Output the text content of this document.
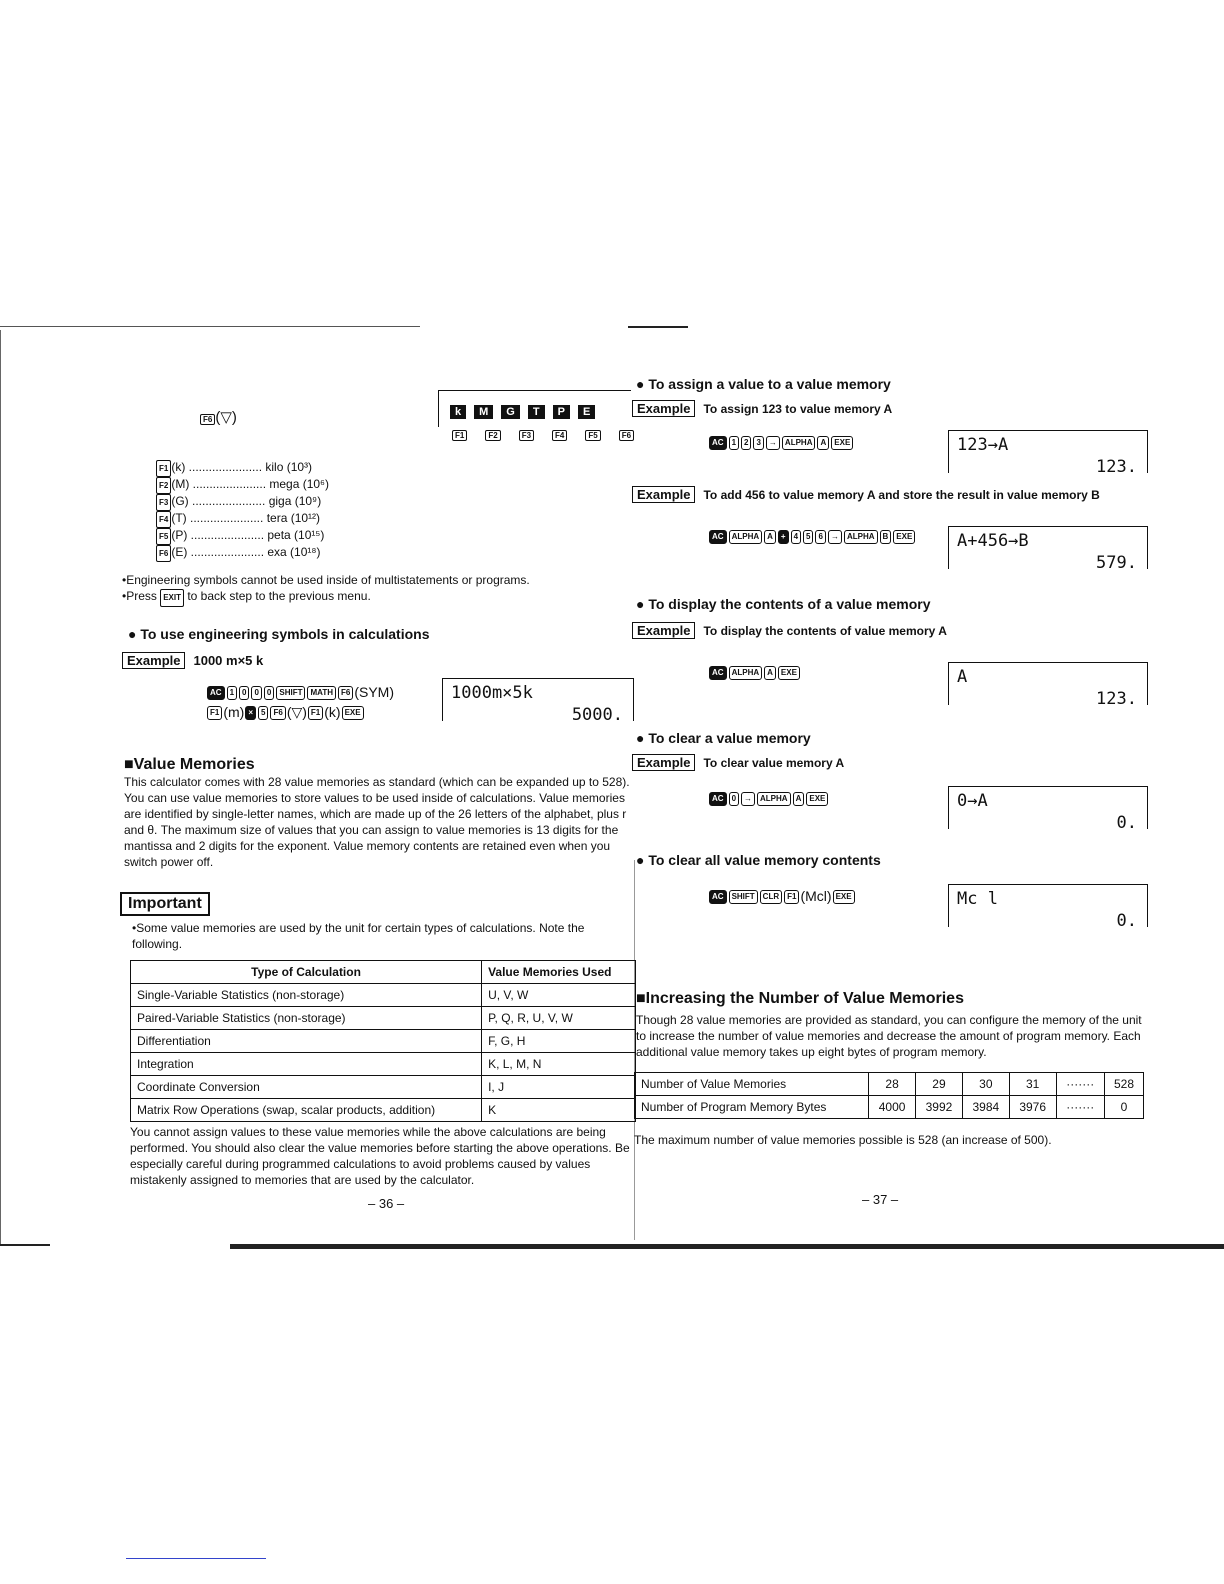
F6 (▽)	k M G T P E
F1	F2	F3	F4	F5	F6
F1 (k) ...................... kilo (10³)
F2 (M) ...................... mega (10⁶)
F3 (G) ...................... giga (10⁹)
F4 (T) ...................... tera (10¹²)
F5 (P) ...................... peta (10¹⁵)
F6 (E) ...................... exa (10¹⁸)
•Engineering symbols cannot be used inside of multistatements or programs.
•Press EXIT to back step to the previous menu.
● To use engineering symbols in calculations
Example 1000 m×5 k
AC 1 0 0 0 SHIFT MATH F6 (SYM)
F1 (m) × 5 F6 (▽) F1 (k) EXE
1000m×5k
5000.
■Value Memories
This calculator comes with 28 value memories as standard (which can be expanded up to 528). You can use value memories to store values to be used inside of calculations. Value memories are identified by single-letter names, which are made up of the 26 letters of the alphabet, plus r and θ. The maximum size of values that you can assign to value memories is 13 digits for the mantissa and 2 digits for the exponent. Value memory contents are retained even when you switch power off.
Important
•Some value memories are used by the unit for certain types of calculations. Note the following.
Type of Calculation	Value Memories Used
Single-Variable Statistics (non-storage)	U, V, W
Paired-Variable Statistics (non-storage)	P, Q, R, U, V, W
Differentiation	F, G, H
Integration	K, L, M, N
Coordinate Conversion	I, J
Matrix Row Operations (swap, scalar products, addition)	K
You cannot assign values to these value memories while the above calculations are being performed. You should also clear the value memories before starting the above operations. Be especially careful during programmed calculations to avoid problems caused by values mistakenly assigned to memories that are used by the calculator.
– 36 –
● To assign a value to a value memory
Example To assign 123 to value memory A
AC 1 2 3 → ALPHA A EXE	123→A
123.
Example To add 456 to value memory A and store the result in value memory B
AC ALPHA A + 4 5 6 → ALPHA B EXE	A+456→B
579.
● To display the contents of a value memory
Example To display the contents of value memory A
AC ALPHA A EXE	A
123.
● To clear a value memory
Example To clear value memory A
AC 0 → ALPHA A EXE	0→A
0.
● To clear all value memory contents
AC SHIFT CLR F1 (Mcl) EXE	Mc l
0.
■Increasing the Number of Value Memories
Though 28 value memories are provided as standard, you can configure the memory of the unit to increase the number of value memories and decrease the amount of program memory. Each additional value memory takes up eight bytes of program memory.
Number of Value Memories	28	29	30	31	·······	528
Number of Program Memory Bytes	4000	3992	3984	3976	·······	0
The maximum number of value memories possible is 528 (an increase of 500).
– 37 –
